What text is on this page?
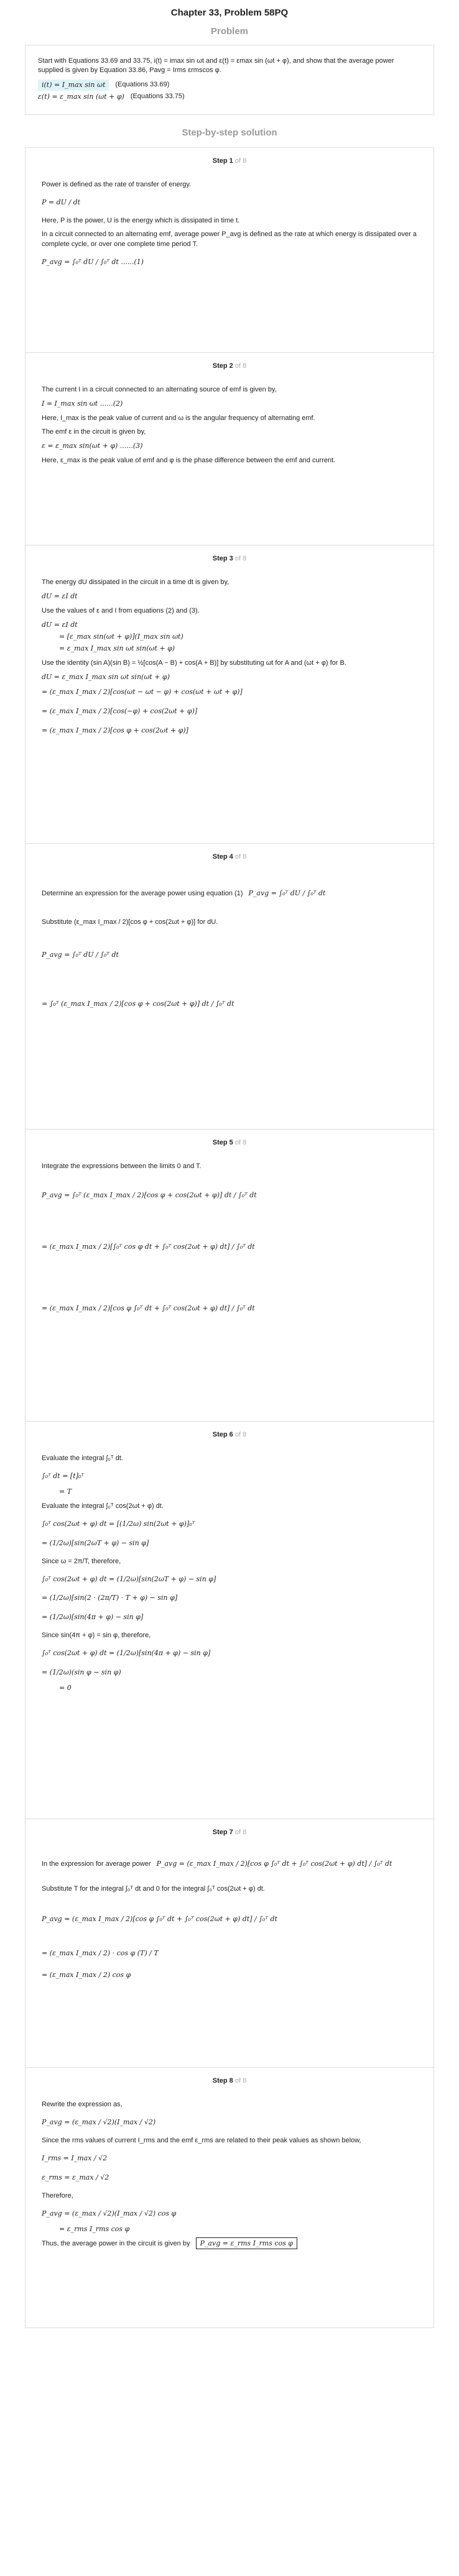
Chapter 33, Problem 58PQ
Problem

Start with Equations 33.69 and 33.75, i(t) = imax sin ωt and ε(t) = εmax sin (ωt + φ), and show that the average power supplied is given by Equation 33.86, Pavg = Irms εrmscos φ.

i(t) = I_max sin ωt	(Equations 33.69)
ε(t) = ε_max sin (ωt + φ) (Equations 33.75)
Step-by-step solution
Step 1 of 8

Power is defined as the rate of transfer of energy.

P = dU / dt

Here, P is the power, U is the energy which is dissipated in time t.

In a circuit connected to an alternating emf, average power P_avg is defined as the rate at which energy is dissipated over a complete cycle, or over one complete time period T.

P_avg = ∫₀ᵀ dU / ∫₀ᵀ dt ......(1)
Step 2 of 8

The current I in a circuit connected to an alternating source of emf is given by,

I = I_max sin ωt ......(2)

Here, I_max is the peak value of current and ω is the angular frequency of alternating emf.

The emf ε in the circuit is given by,

ε = ε_max sin(ωt + φ) ......(3)

Here, ε_max is the peak value of emf and φ is the phase difference between the emf and current.

Step 3 of 8

The energy dU dissipated in the circuit in a time dt is given by,

dU = εI dt

Use the values of ε and I from equations (2) and (3).

dU = εI dt
= [ε_max sin(ωt + φ)](I_max sin ωt)
= ε_max I_max sin ωt sin(ωt + φ)

Use the identity (sin A)(sin B) = ½[cos(A − B) + cos(A + B)] by substituting ωt for A and (ωt + φ) for B.

dU = ε_max I_max sin ωt sin(ωt + φ)
= (ε_max I_max / 2)[cos(ωt − ωt − φ) + cos(ωt + ωt + φ)]
= (ε_max I_max / 2)[cos(−φ) + cos(2ωt + φ)]
= (ε_max I_max / 2)[cos φ + cos(2ωt + φ)]
Step 4 of 8

Determine an expression for the average power using equation (1) P_avg = ∫₀ᵀ dU / ∫₀ᵀ dt

Substitute (ε_max I_max / 2)[cos φ + cos(2ωt + φ)] for dU.

P_avg = ∫₀ᵀ dU / ∫₀ᵀ dt
= ∫₀ᵀ (ε_max I_max / 2)[cos φ + cos(2ωt + φ)] dt / ∫₀ᵀ dt
Step 5 of 8

Integrate the expressions between the limits 0 and T.

P_avg = ∫₀ᵀ (ε_max I_max / 2)[cos φ + cos(2ωt + φ)] dt / ∫₀ᵀ dt
= (ε_max I_max / 2)[∫₀ᵀ cos φ dt + ∫₀ᵀ cos(2ωt + φ) dt] / ∫₀ᵀ dt
= (ε_max I_max / 2)[cos φ ∫₀ᵀ dt + ∫₀ᵀ cos(2ωt + φ) dt] / ∫₀ᵀ dt
Step 6 of 8

Evaluate the integral ∫₀ᵀ dt.

∫₀ᵀ dt = [t]₀ᵀ
= T

Evaluate the integral ∫₀ᵀ cos(2ωt + φ) dt.

∫₀ᵀ cos(2ωt + φ) dt = [(1/2ω) sin(2ωt + φ)]₀ᵀ
= (1/2ω)[sin(2ωT + φ) − sin φ]

Since ω = 2π/T, therefore,

∫₀ᵀ cos(2ωt + φ) dt = (1/2ω)[sin(2ωT + φ) − sin φ]
= (1/2ω)[sin(2 · (2π/T) · T + φ) − sin φ]
= (1/2ω)[sin(4π + φ) − sin φ]

Since sin(4π + φ) = sin φ, therefore,

∫₀ᵀ cos(2ωt + φ) dt = (1/2ω)[sin(4π + φ) − sin φ]
= (1/2ω)(sin φ − sin φ)
= 0
Step 7 of 8

In the expression for average power P_avg = (ε_max I_max / 2)[cos φ ∫₀ᵀ dt + ∫₀ᵀ cos(2ωt + φ) dt] / ∫₀ᵀ dt

Substitute T for the integral ∫₀ᵀ dt and 0 for the integral ∫₀ᵀ cos(2ωt + φ) dt.

P_avg = (ε_max I_max / 2)[cos φ ∫₀ᵀ dt + ∫₀ᵀ cos(2ωt + φ) dt] / ∫₀ᵀ dt
= (ε_max I_max / 2) · cos φ (T) / T
= (ε_max I_max / 2) cos φ
Step 8 of 8

Rewrite the expression as,

P_avg = (ε_max / √2)(I_max / √2)

Since the rms values of current I_rms and the emf ε_rms are related to their peak values as shown below,

I_rms = I_max / √2
ε_rms = ε_max / √2

Therefore,

P_avg = (ε_max / √2)(I_max / √2) cos φ
= ε_rms I_rms cos φ

Thus, the average power in the circuit is given by P_avg = ε_rms I_rms cos φ
